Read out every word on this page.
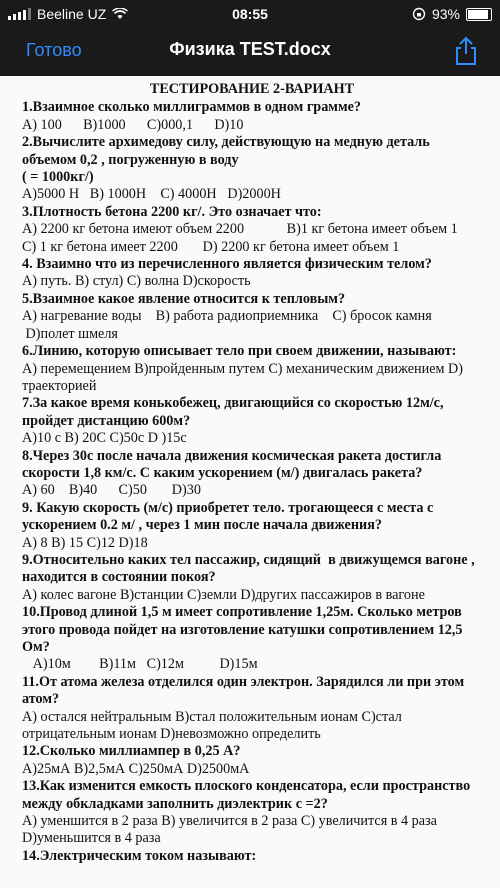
Beeline UZ	08:55	93%
Готово	Физика TEST.docx
ТЕСТИРОВАНИЕ 2-ВАРИАНТ
1.Взаимное сколько миллиграммов в одном грамме?
A) 100      B)1000      C)000,1      D)10
2.Вычислите архимедову силу, действующую на медную деталь объемом 0,2 , погруженную в воду
( = 1000кг/)
A)5000 H   B) 1000H    C) 4000H   D)2000H
3.Плотность бетона 2200 кг/. Это означает что:
A) 2200 кг бетона имеют объем 2200            B)1 кг бетона имеет объем 1       C) 1 кг бетона имеет 2200       D) 2200 кг бетона имеет объем 1
4. Взаимно что из перечисленного является физическим телом?
A) путь. B) стул) C) волна D)скорость
5.Взаимное какое явление относится к тепловым?
A) нагревание воды    B) работа радиоприемника    C) бросок камня
D)полет шмеля
6.Линию, которую описывает тело при своем движении, называют:
A) перемещением B)пройденным путем C) механическим движением D) траекторией
7.За какое время конькобежец, двигающийся со скоростью 12м/с, пройдет дистанцию 600м?
A)10 с B) 20C C)50с D )15с
8.Через 30с после начала движения космическая ракета достигла скорости 1,8 км/с. С каким ускорением (м/) двигалась ракета?
A) 60    B)40      C)50       D)30
9. Какую скорость (м/с) приобретет тело. трогающееся с места с ускорением 0.2 м/ , через 1 мин после начала движения?
A) 8 B) 15 C)12 D)18
9.Относительно каких тел пассажир, сидящий  в движущемся вагоне , находится в состоянии покоя?
A) колес вагоне B)станции C)земли D)других пассажиров в вагоне
10.Провод длиной 1,5 м имеет сопротивление 1,25м. Сколько метров этого провода пойдет на изготовление катушки сопротивлением 12,5 Ом?
A)10м        B)11м   C)12м          D)15м
11.От атома железа отделился один электрон. Зарядился ли при этом атом?
A) остался нейтральным B)стал положительным ионам C)стал отрицательным ионам D)невозможно определить
12.Сколько миллиампер в 0,25 А?
A)25мА B)2,5мА C)250мА D)2500мА
13.Как изменится емкость плоского конденсатора, если пространство между обкладками заполнить диэлектрик с =2?
A) уменшится в 2 раза B) увеличится в 2 раза C) увеличится в 4 раза D)уменьшится в 4 раза
14.Электрическим током называют:
